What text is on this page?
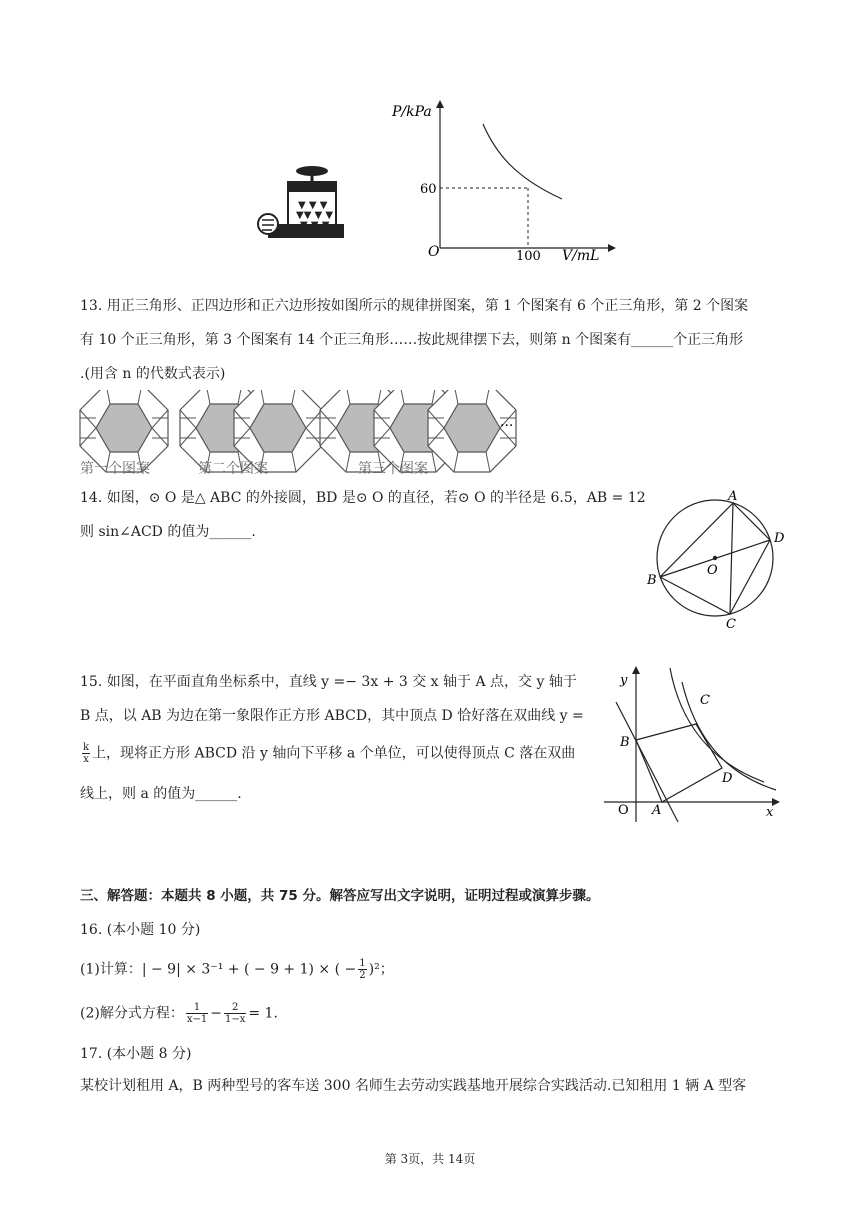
▼ ▼ ▼
▼▼ ▼ ▼
▼ ▼ ▼
P/kPa
V/mL
O
60
100
13. 用正三角形、正四边形和正六边形按如图所示的规律拼图案，第 1 个图案有 6 个正三角形，第 2 个图案
有 10 个正三角形，第 3 个图案有 14 个正三角形……按此规律摆下去，则第 n 个图案有______个正三角形
.(用含 n 的代数式表示)
第一个图案	第二个图案	第三个图案
...
14. 如图，⊙ O 是△ ABC 的外接圆，BD 是⊙ O 的直径，若⊙ O 的半径是 6.5，AB = 12
则 sin∠ACD 的值为______.
A
B
C
D
O
15. 如图，在平面直角坐标系中，直线 y =− 3x + 3 交 x 轴于 A 点，交 y 轴于
B 点，以 AB 为边在第一象限作正方形 ABCD，其中顶点 D 恰好落在双曲线 y =
$\frac{k}{x}$ 上，现将正方形 ABCD 沿 y 轴向下平移 a 个单位，可以使得顶点 C 落在双曲
线上，则 a 的值为______.
y
x
O A
B
C
D
三、解答题：本题共 8 小题，共 75 分。解答应写出文字说明，证明过程或演算步骤。
16. (本小题 10 分)
(1)计算：| − 9| × 3⁻¹ + ( − 9 + 1) × ( − $\frac{1}{2} )^2$；
(2)解分式方程： $\frac{1}{x-1} - \frac{2}{1-x} = 1$.
17. (本小题 8 分)
某校计划租用 A，B 两种型号的客车送 300 名师生去劳动实践基地开展综合实践活动.已知租用 1 辆 A 型客
第 3页，共 14页
